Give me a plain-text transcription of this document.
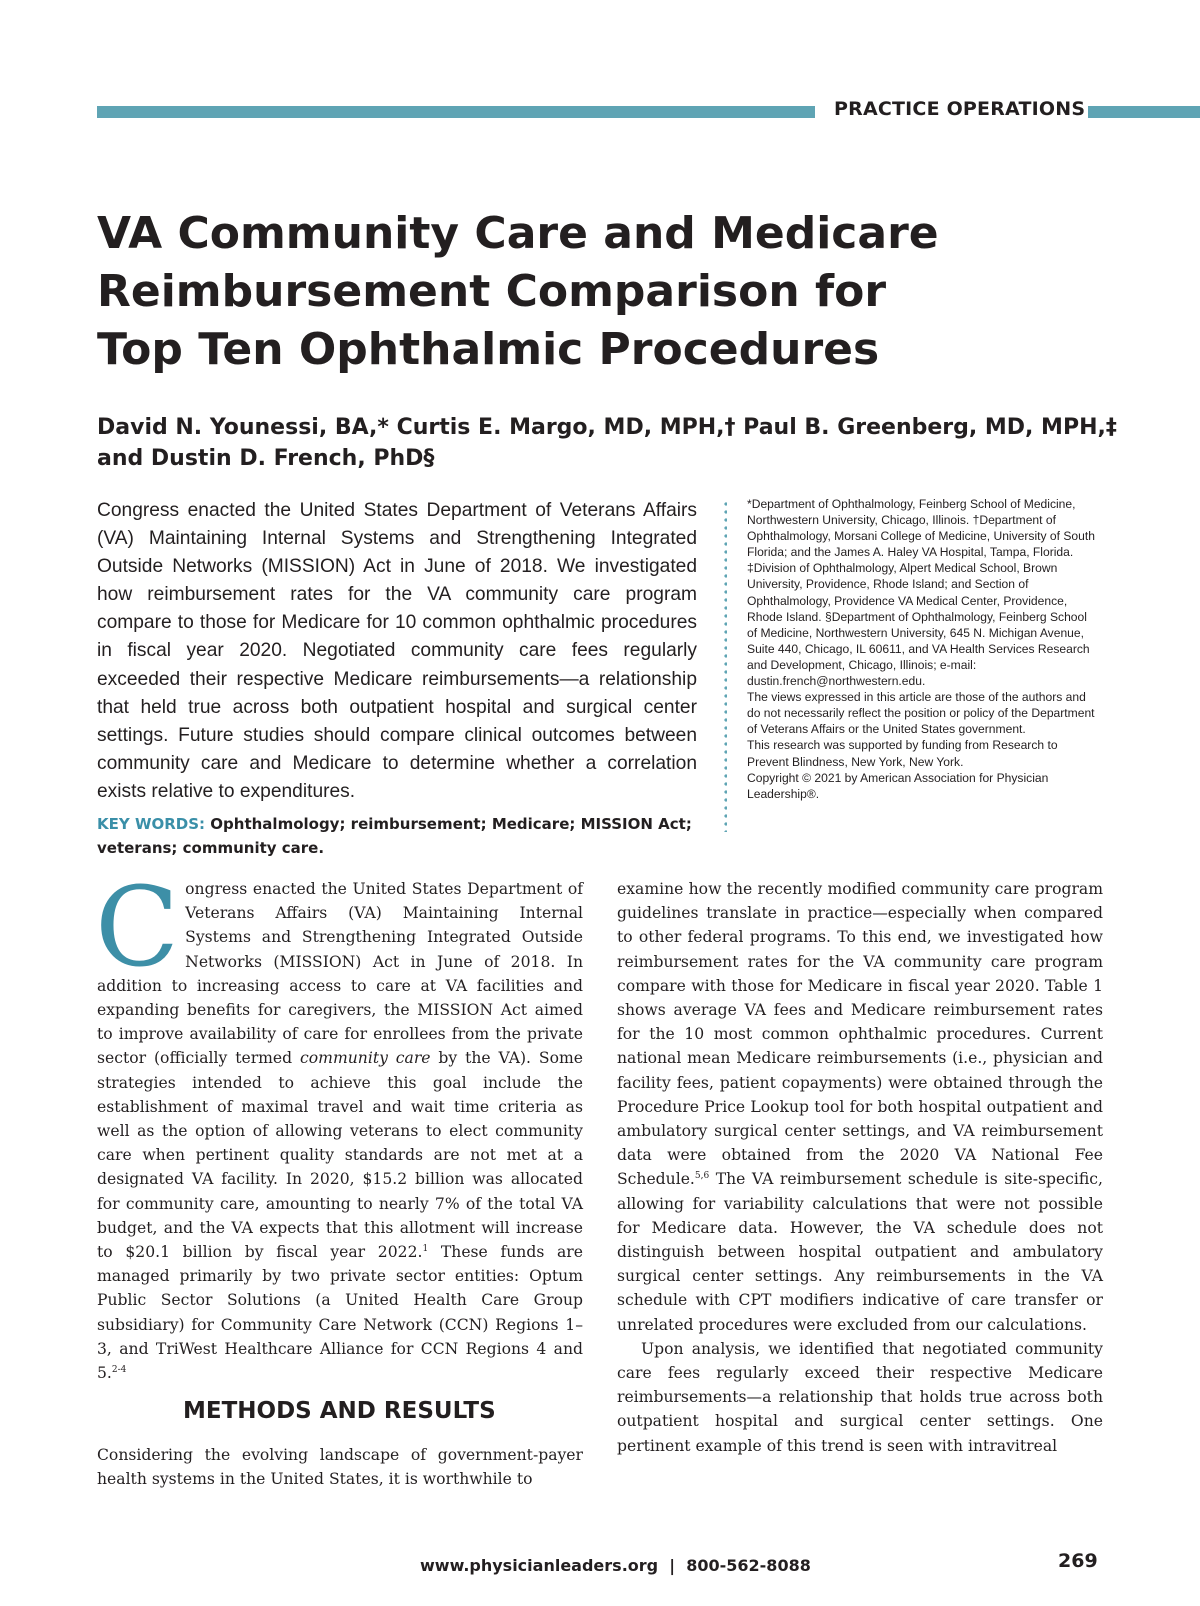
PRACTICE OPERATIONS
VA Community Care and Medicare
Reimbursement Comparison for
Top Ten Ophthalmic Procedures
David N. Younessi, BA,* Curtis E. Margo, MD, MPH,† Paul B. Greenberg, MD, MPH,‡
and Dustin D. French, PhD§

Congress enacted the United States Department of Veterans Affairs (VA) Maintaining Internal Systems and Strengthening Integrated Outside Networks (MISSION) Act in June of 2018. We investigated how reimbursement rates for the VA community care program compare to those for Medicare for 10 common ophthalmic procedures in fiscal year 2020. Negotiated community care fees regularly exceeded their respective Medicare reimbursements—a relationship that held true across both outpatient hospital and surgical center settings. Future studies should compare clinical outcomes between community care and Medicare to determine whether a correlation exists relative to expenditures.

KEY WORDS: Ophthalmology; reimbursement; Medicare; MISSION Act; veterans; community care.

*Department of Ophthalmology, Feinberg School of Medicine, Northwestern University, Chicago, Illinois. †Department of Ophthalmology, Morsani College of Medicine, University of South Florida; and the James A. Haley VA Hospital, Tampa, Florida. ‡Division of Ophthalmology, Alpert Medical School, Brown University, Providence, Rhode Island; and Section of Ophthalmology, Providence VA Medical Center, Providence, Rhode Island. §Department of Ophthalmology, Feinberg School of Medicine, Northwestern University, 645 N. Michigan Avenue, Suite 440, Chicago, IL 60611, and VA Health Services Research and Development, Chicago, Illinois; e-mail: dustin.french@northwestern.edu.

The views expressed in this article are those of the authors and do not necessarily reflect the position or policy of the Department of Veterans Affairs or the United States government.

This research was supported by funding from Research to Prevent Blindness, New York, New York.

Copyright © 2021 by American Association for Physician Leadership®.

Congress enacted the United States Department of Veterans Affairs (VA) Maintaining Internal Systems and Strengthening Integrated Outside Networks (MISSION) Act in June of 2018. In addition to increasing access to care at VA facilities and expanding benefits for caregivers, the MISSION Act aimed to improve availability of care for enrollees from the private sector (officially termed community care by the VA). Some strategies intended to achieve this goal include the establishment of maximal travel and wait time criteria as well as the option of allowing veterans to elect community care when pertinent quality standards are not met at a designated VA facility. In 2020, $15.2 billion was allocated for community care, amounting to nearly 7% of the total VA budget, and the VA expects that this allotment will increase to $20.1 billion by fiscal year 2022.$^1$ These funds are managed primarily by two private sector entities: Optum Public Sector Solutions (a United Health Care Group subsidiary) for Community Care Network (CCN) Regions 1–3, and TriWest Healthcare Alliance for CCN Regions 4 and 5.$^{2-4}$

METHODS AND RESULTS

Considering the evolving landscape of government-payer health systems in the United States, it is worthwhile to

examine how the recently modified community care program guidelines translate in practice—especially when compared to other federal programs. To this end, we investigated how reimbursement rates for the VA community care program compare with those for Medicare in fiscal year 2020. Table 1 shows average VA fees and Medicare reimbursement rates for the 10 most common ophthalmic procedures. Current national mean Medicare reimbursements (i.e., physician and facility fees, patient copayments) were obtained through the Procedure Price Lookup tool for both hospital outpatient and ambulatory surgical center settings, and VA reimbursement data were obtained from the 2020 VA National Fee Schedule.$^{5,6}$ The VA reimbursement schedule is site-specific, allowing for variability calculations that were not possible for Medicare data. However, the VA schedule does not distinguish between hospital outpatient and ambulatory surgical center settings. Any reimbursements in the VA schedule with CPT modifiers indicative of care transfer or unrelated procedures were excluded from our calculations.

Upon analysis, we identified that negotiated community care fees regularly exceed their respective Medicare reimbursements—a relationship that holds true across both outpatient hospital and surgical center settings. One pertinent example of this trend is seen with intravitreal

www.physicianleaders.org  |  800-562-8088	269
